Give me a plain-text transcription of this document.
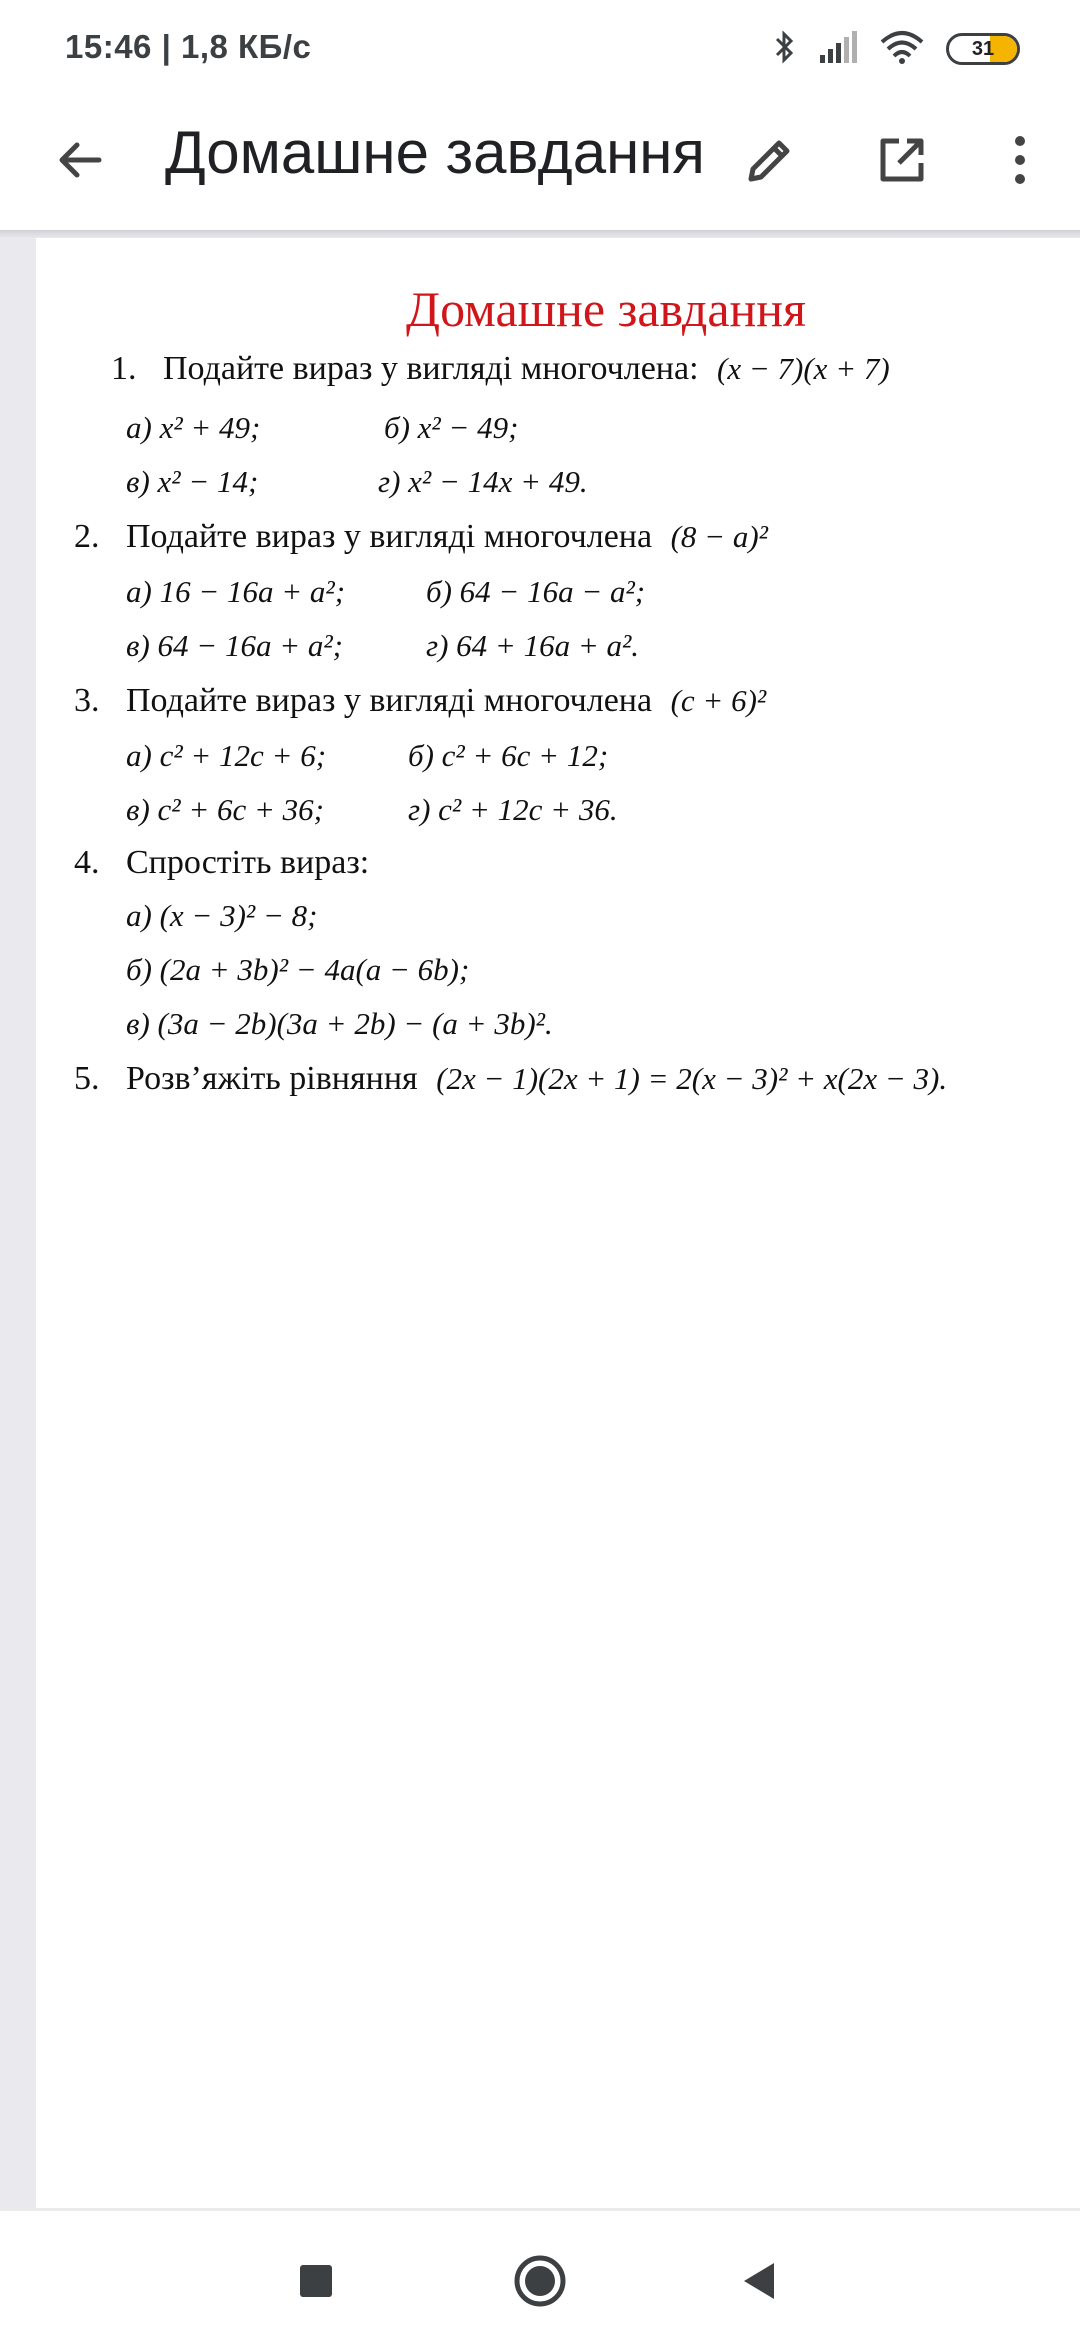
15:46 | 1,8 КБ/с	31
Домашне завдання
Домашне завдання
1. Подайте вираз у вигляді многочлена: (x − 7)(x + 7)
а) x² + 49;	б) x² − 49;
в) x² − 14;	г) x² − 14x + 49.
2. Подайте вираз у вигляді многочлена (8 − a)²
а) 16 − 16a + a²;	б) 64 − 16a − a²;
в) 64 − 16a + a²;	г) 64 + 16a + a².
3. Подайте вираз у вигляді многочлена (c + 6)²
а) c² + 12c + 6;	б) c² + 6c + 12;
в) c² + 6c + 36;	г) c² + 12c + 36.
4. Спростіть вираз:
а) (x − 3)² − 8;
б) (2a + 3b)² − 4a(a − 6b);
в) (3a − 2b)(3a + 2b) − (a + 3b)².
5. Розв’яжіть рівняння (2x − 1)(2x + 1) = 2(x − 3)² + x(2x − 3).
